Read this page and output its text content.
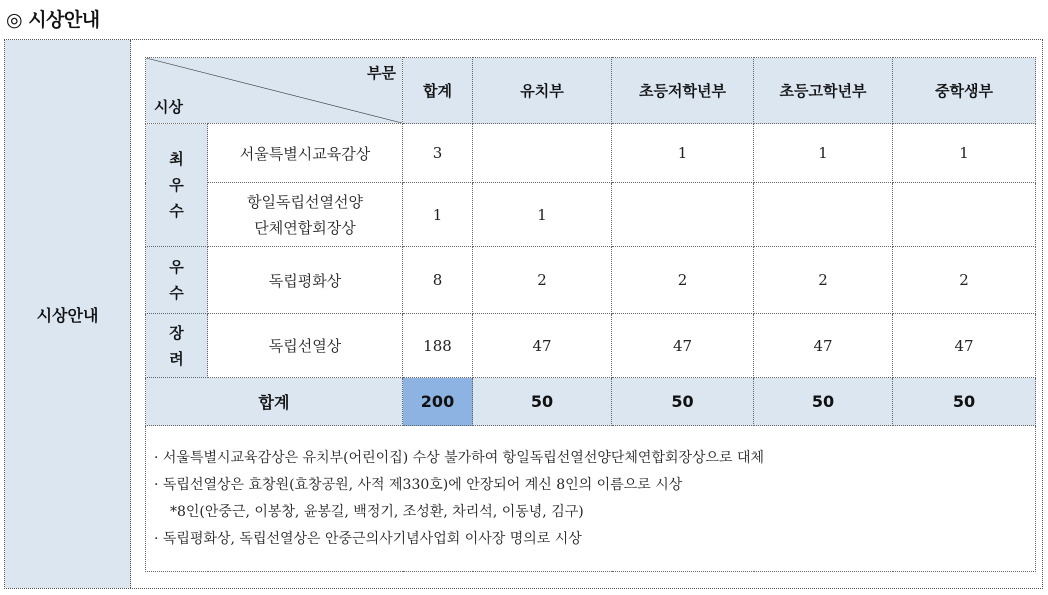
◎ 시상안내
시상안내
부문
시상		합계	유치부	초등저학년부	초등고학년부	중학생부
최
우
수	서울특별시교육감상	3		1	1	1
	항일독립선열선양
단체연합회장상	1	1			
우
수	독립평화상	8	2	2	2	2
장
려	독립선열상	188	47	47	47	47
합계		200	50	50	50	50

· 서울특별시교육감상은 유치부(어린이집) 수상 불가하여 항일독립선열선양단체연합회장상으로 대체
· 독립선열상은 효창원(효창공원, 사적 제330호)에 안장되어 계신 8인의 이름으로 시상
*8인(안중근, 이봉창, 윤봉길, 백정기, 조성환, 차리석, 이동녕, 김구)
· 독립평화상, 독립선열상은 안중근의사기념사업회 이사장 명의로 시상						
